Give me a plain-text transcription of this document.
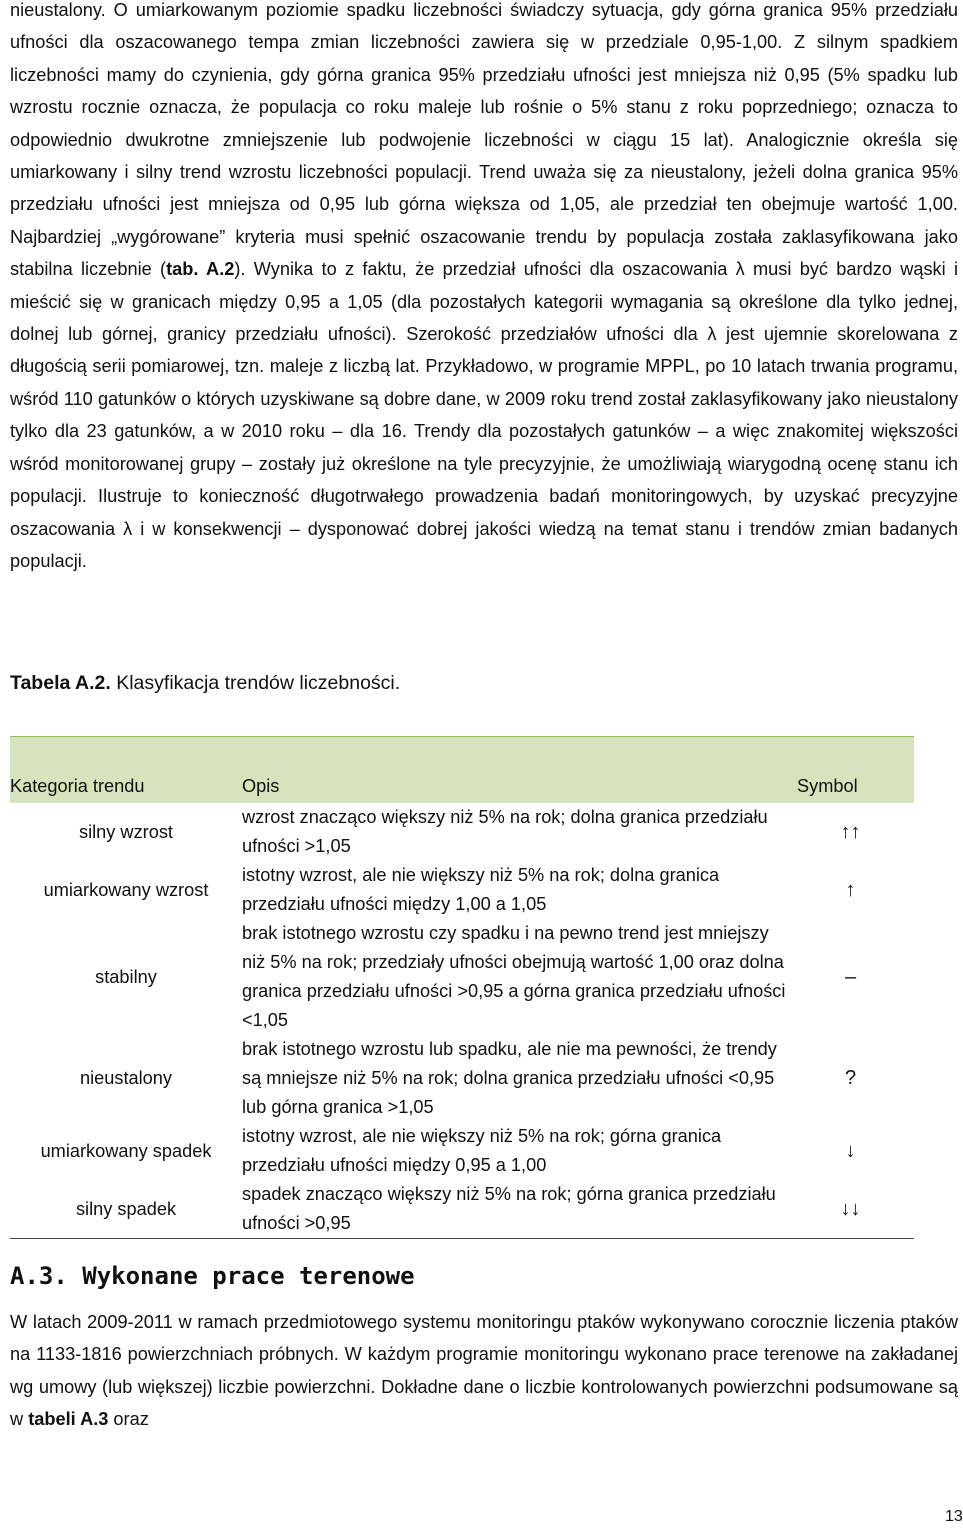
nieustalony. O umiarkowanym poziomie spadku liczebności świadczy sytuacja, gdy górna granica 95% przedziału ufności dla oszacowanego tempa zmian liczebności zawiera się w przedziale 0,95-1,00. Z silnym spadkiem liczebności mamy do czynienia, gdy górna granica 95% przedziału ufności jest mniejsza niż 0,95 (5% spadku lub wzrostu rocznie oznacza, że populacja co roku maleje lub rośnie o 5% stanu z roku poprzedniego; oznacza to odpowiednio dwukrotne zmniejszenie lub podwojenie liczebności w ciągu 15 lat). Analogicznie określa się umiarkowany i silny trend wzrostu liczebności populacji. Trend uważa się za nieustalony, jeżeli dolna granica 95% przedziału ufności jest mniejsza od 0,95 lub górna większa od 1,05, ale przedział ten obejmuje wartość 1,00. Najbardziej „wygórowane” kryteria musi spełnić oszacowanie trendu by populacja została zaklasyfikowana jako stabilna liczebnie (tab. A.2). Wynika to z faktu, że przedział ufności dla oszacowania λ musi być bardzo wąski i mieścić się w granicach między 0,95 a 1,05 (dla pozostałych kategorii wymagania są określone dla tylko jednej, dolnej lub górnej, granicy przedziału ufności). Szerokość przedziałów ufności dla λ jest ujemnie skorelowana z długością serii pomiarowej, tzn. maleje z liczbą lat. Przykładowo, w programie MPPL, po 10 latach trwania programu, wśród 110 gatunków o których uzyskiwane są dobre dane, w 2009 roku trend został zaklasyfikowany jako nieustalony tylko dla 23 gatunków, a w 2010 roku – dla 16. Trendy dla pozostałych gatunków – a więc znakomitej większości wśród monitorowanej grupy – zostały już określone na tyle precyzyjnie, że umożliwiają wiarygodną ocenę stanu ich populacji. Ilustruje to konieczność długotrwałego prowadzenia badań monitoringowych, by uzyskać precyzyjne oszacowania λ i w konsekwencji – dysponować dobrej jakości wiedzą na temat stanu i trendów zmian badanych populacji.

Tabela A.2. Klasyfikacja trendów liczebności.

Kategoria trendu	Opis	Symbol
silny wzrost	wzrost znacząco większy niż 5% na rok; dolna granica przedziału ufności >1,05	↑↑
umiarkowany wzrost	istotny wzrost, ale nie większy niż 5% na rok; dolna granica przedziału ufności między 1,00 a 1,05	↑
stabilny	brak istotnego wzrostu czy spadku i na pewno trend jest mniejszy niż 5% na rok; przedziały ufności obejmują wartość 1,00 oraz dolna granica przedziału ufności >0,95 a górna granica przedziału ufności <1,05	–
nieustalony	brak istotnego wzrostu lub spadku, ale nie ma pewności, że trendy są mniejsze niż 5% na rok; dolna granica przedziału ufności <0,95 lub górna granica >1,05	?
umiarkowany spadek	istotny wzrost, ale nie większy niż 5% na rok; górna granica przedziału ufności między 0,95 a 1,00	↓
silny spadek	spadek znacząco większy niż 5% na rok; górna granica przedziału ufności >0,95	↓↓
A.3. Wykonane prace terenowe

W latach 2009-2011 w ramach przedmiotowego systemu monitoringu ptaków wykonywano corocznie liczenia ptaków na 1133-1816 powierzchniach próbnych. W każdym programie monitoringu wykonano prace terenowe na zakładanej wg umowy (lub większej) liczbie powierzchni. Dokładne dane o liczbie kontrolowanych powierzchni podsumowane są w tabeli A.3 oraz

13
